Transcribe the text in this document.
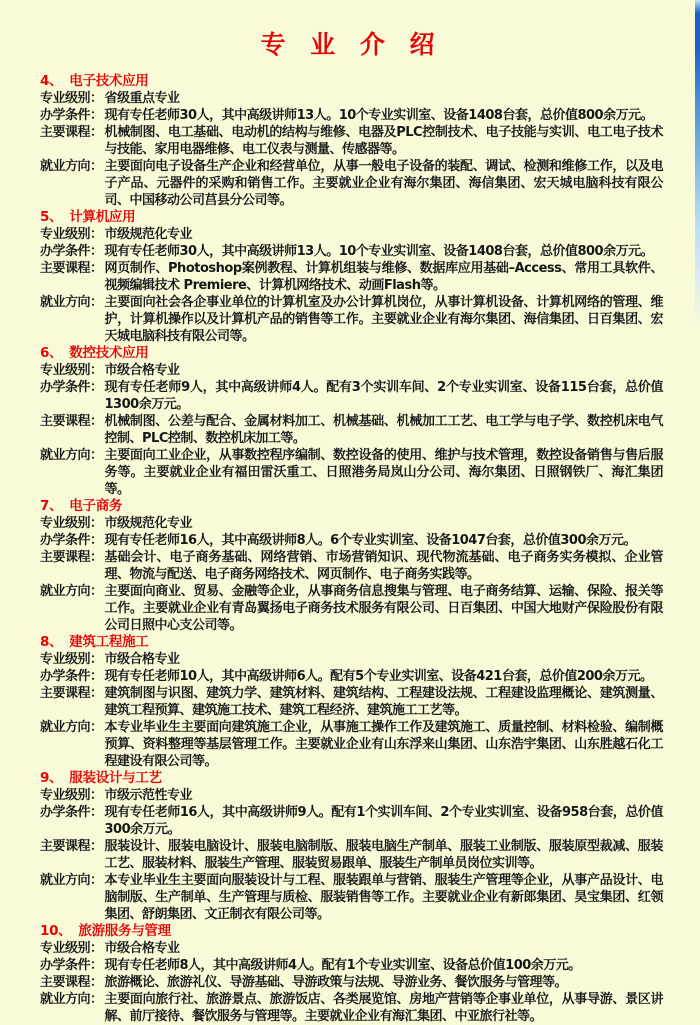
专 业 介 绍
4、 电子技术应用
专业级别： 省级重点专业
办学条件： 现有专任老师30人，其中高级讲师13人。10个专业实训室、设备1408台套，总价值800余万元。
主要课程： 机械制图、电工基础、电动机的结构与维修、电器及PLC控制技术、电子技能与实训、电工电子技术与技能、家用电器维修、电工仪表与测量、传感器等。
就业方向： 主要面向电子设备生产企业和经营单位，从事一般电子设备的装配、调试、检测和维修工作，以及电子产品、元器件的采购和销售工作。主要就业企业有海尔集团、海信集团、宏天城电脑科技有限公司、中国移动公司莒县分公司等。
5、 计算机应用
专业级别： 市级规范化专业
办学条件： 现有专任老师30人，其中高级讲师13人。10个专业实训室、设备1408台套，总价值800余万元。
主要课程： 网页制作、Photoshop案例教程、计算机组装与维修、数据库应用基础–Access、常用工具软件、视频编辑技术 Premiere、计算机网络技术、动画Flash等。
就业方向： 主要面向社会各企事业单位的计算机室及办公计算机岗位，从事计算机设备、计算机网络的管理、维护，计算机操作以及计算机产品的销售等工作。主要就业企业有海尔集团、海信集团、日百集团、宏天城电脑科技有限公司等。
6、 数控技术应用
专业级别： 市级合格专业
办学条件： 现有专任老师9人，其中高级讲师4人。配有3个实训车间、2个专业实训室、设备115台套，总价值1300余万元。
主要课程： 机械制图、公差与配合、金属材料加工、机械基础、机械加工工艺、电工学与电子学、数控机床电气控制、PLC控制、数控机床加工等。
就业方向： 主要面向工业企业，从事数控程序编制、数控设备的使用、维护与技术管理，数控设备销售与售后服务等。主要就业企业有福田雷沃重工、日照港务局岚山分公司、海尔集团、日照钢铁厂、海汇集团等。
7、 电子商务
专业级别： 市级规范化专业
办学条件： 现有专任老师16人，其中高级讲师8人。6个专业实训室、设备1047台套，总价值300余万元。
主要课程： 基础会计、电子商务基础、网络营销、市场营销知识、现代物流基础、电子商务实务模拟、企业管理、物流与配送、电子商务网络技术、网页制作、电子商务实践等。
就业方向： 主要面向商业、贸易、金融等企业，从事商务信息搜集与管理、电子商务结算、运输、保险、报关等工作。主要就业企业有青岛翼扬电子商务技术服务有限公司、日百集团、中国大地财产保险股份有限公司日照中心支公司等。
8、 建筑工程施工
专业级别： 市级合格专业
办学条件： 现有专任老师10人，其中高级讲师6人。配有5个专业实训室、设备421台套，总价值200余万元。
主要课程： 建筑制图与识图、建筑力学、建筑材料、建筑结构、工程建设法规、工程建设监理概论、建筑测量、建筑工程预算、建筑施工技术、建筑工程经济、建筑施工工艺等。
就业方向： 本专业毕业生主要面向建筑施工企业，从事施工操作工作及建筑施工、质量控制、材料检验、编制概预算、资料整理等基层管理工作。主要就业企业有山东浮来山集团、山东浩宇集团、山东胜越石化工程建设有限公司等。
9、 服装设计与工艺
专业级别： 市级示范性专业
办学条件： 现有专任老师16人，其中高级讲师9人。配有1个实训车间、2个专业实训室、设备958台套，总价值300余万元。
主要课程： 服装设计、服装电脑设计、服装电脑制版、服装电脑生产制单、服装工业制版、服装原型裁减、服装工艺、服装材料、服装生产管理、服装贸易跟单、服装生产制单员岗位实训等。
就业方向： 本专业毕业生主要面向服装设计与工程、服装跟单与营销、服装生产管理等企业，从事产品设计、电脑制版、生产制单、生产管理与质检、服装销售等工作。主要就业企业有新郎集团、昊宝集团、红领集团、舒朗集团、文正制衣有限公司等。
10、 旅游服务与管理
专业级别： 市级合格专业
办学条件： 现有专任老师8人，其中高级讲师4人。配有1个专业实训室、设备总价值100余万元。
主要课程： 旅游概论、旅游礼仪、导游基础、导游政策与法规、导游业务、餐饮服务与管理等。
就业方向： 主要面向旅行社、旅游景点、旅游饭店、各类展览馆、房地产营销等企事业单位，从事导游、景区讲解、前厅接待、餐饮服务与管理等。主要就业企业有海汇集团、中亚旅行社等。
